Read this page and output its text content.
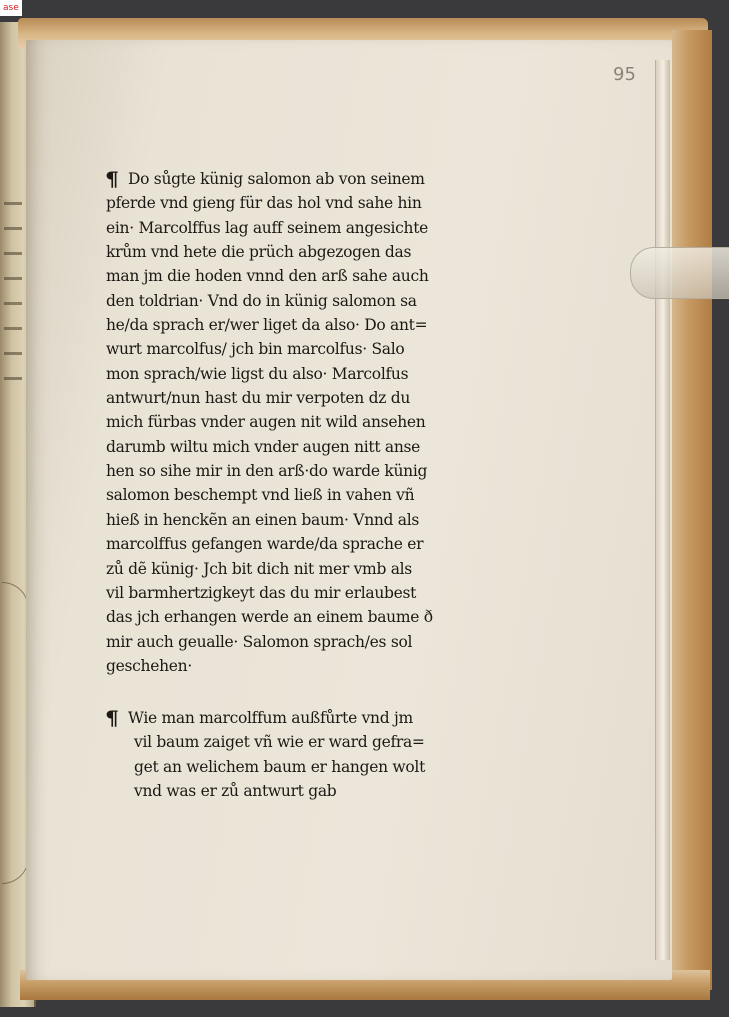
ase
95
¶ Do sůgte künig salomon ab von seinem
pferde vnd gieng für das hol vnd sahe hin
ein· Marcolffus lag auff seinem angesichte
krům vnd hete die prüch abgezogen das
man jm die hoden vnnd den arß sahe auch
den toldrian· Vnd do in künig salomon sa
he/da sprach er/wer liget da also· Do ant=
wurt marcolfus/ jch bin marcolfus· Salo
mon sprach/wie ligst du also· Marcolfus
antwurt/nun hast du mir verpoten dz du
mich fürbas vnder augen nit wild ansehen
darumb wiltu mich vnder augen nitt anse
hen so sihe mir in den arß·do warde künig
salomon beschempt vnd ließ in vahen vñ
hieß in henckẽn an einen baum· Vnnd als
marcolffus gefangen warde/da sprache er
zů dẽ künig· Jch bit dich nit mer vmb als
vil barmhertzigkeyt das du mir erlaubest
das jch erhangen werde an einem baume ð
mir auch geualle· Salomon sprach/es sol
geschehen·
¶ Wie man marcolffum außfůrte vnd jm
vil baum zaiget vñ wie er ward gefra=
get an welichem baum er hangen wolt
vnd was er zů antwurt gab
